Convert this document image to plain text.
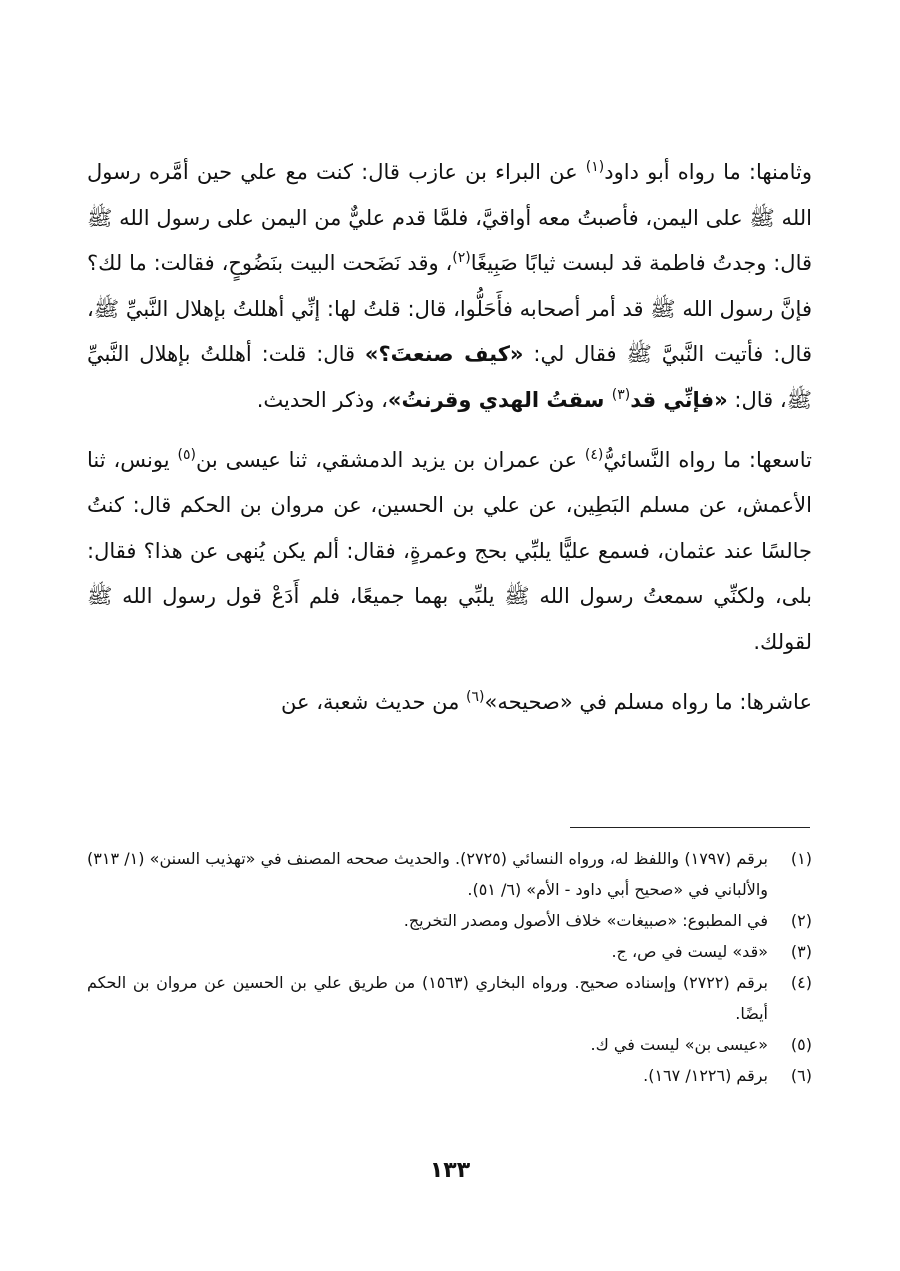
وثامنها: ما رواه أبو داود$^{(١)}$ عن البراء بن عازب قال: كنت مع علي حين أمَّره رسول الله ﷺ على اليمن، فأصبتُ معه أواقيَّ، فلمَّا قدم عليٌّ من اليمن على رسول الله ﷺ قال: وجدتُ فاطمة قد لبست ثيابًا صَبِيغًا$^{(٢)}$، وقد نَضَحت البيت بنَضُوحٍ، فقالت: ما لك؟ فإنَّ رسول الله ﷺ قد أمر أصحابه فأَحَلُّوا، قال: قلتُ لها: إنِّي أهللتُ بإهلال النَّبيِّ ﷺ، قال: فأتيت النَّبيَّ ﷺ فقال لي: «كيف صنعتَ؟» قال: قلت: أهللتُ بإهلال النَّبيِّ ﷺ، قال: «فإنِّي قد$^{(٣)}$ سقتُ الهدي وقرنتُ»، وذكر الحديث.

تاسعها: ما رواه النَّسائيُّ$^{(٤)}$ عن عمران بن يزيد الدمشقي، ثنا عيسى بن$^{(٥)}$ يونس، ثنا الأعمش، عن مسلم البَطِين، عن علي بن الحسين، عن مروان بن الحكم قال: كنتُ جالسًا عند عثمان، فسمع عليًّا يلبِّي بحج وعمرةٍ، فقال: ألم يكن يُنهى عن هذا؟ فقال: بلى، ولكنِّي سمعتُ رسول الله ﷺ يلبِّي بهما جميعًا، فلم أَدَعْ قول رسول الله ﷺ لقولك.

عاشرها: ما رواه مسلم في «صحيحه»$^{(٦)}$ من حديث شعبة، عن

(١)
برقم (١٧٩٧) واللفظ له، ورواه النسائي (٢٧٢٥). والحديث صححه المصنف في «تهذيب السنن» (١/ ٣١٣) والألباني في «صحيح أبي داود - الأم» (٦/ ٥١).
(٢)
في المطبوع: «صبيغات» خلاف الأصول ومصدر التخريج.
(٣)
«قد» ليست في ص، ج.
(٤)
برقم (٢٧٢٢) وإسناده صحيح. ورواه البخاري (١٥٦٣) من طريق علي بن الحسين عن مروان بن الحكم أيضًا.
(٥)
«عيسى بن» ليست في ك.
(٦)
برقم (١٢٢٦/ ١٦٧).
١٣٣
